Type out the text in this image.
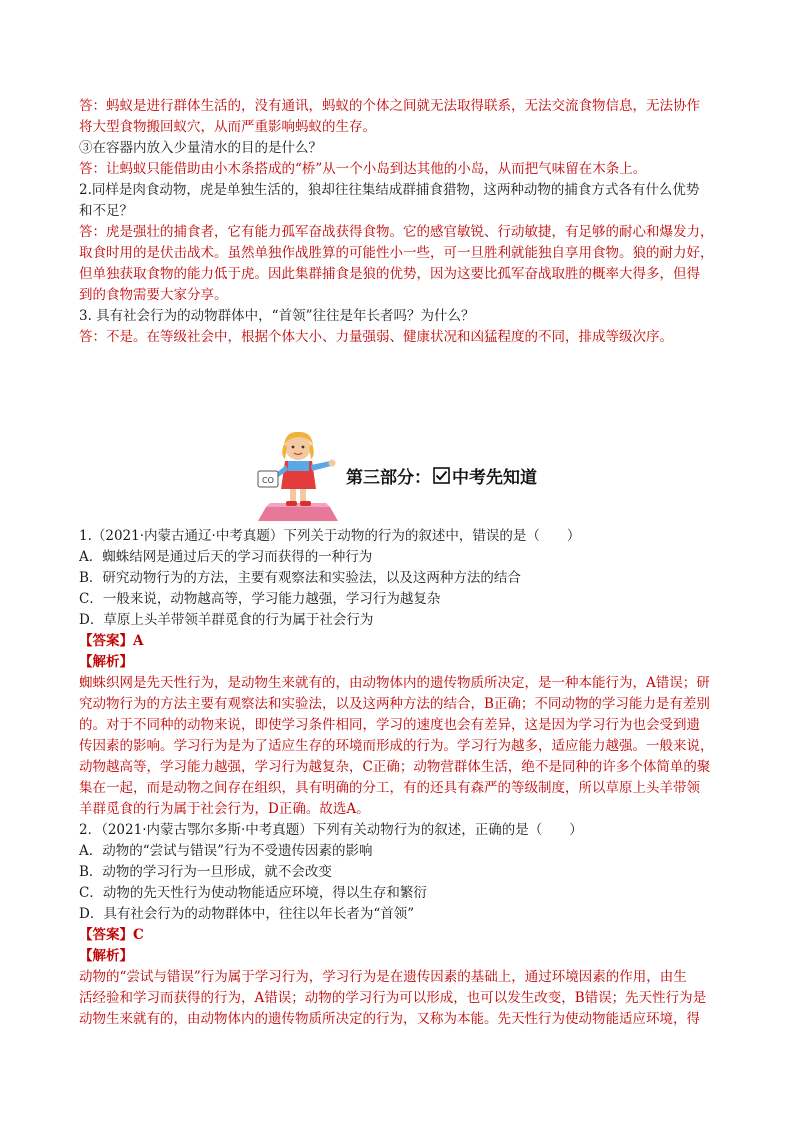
答：蚂蚁是进行群体生活的，没有通讯，蚂蚁的个体之间就无法取得联系，无法交流食物信息，无法协作
将大型食物搬回蚁穴，从而严重影响蚂蚁的生存。
③在容器内放入少量清水的目的是什么？
答：让蚂蚁只能借助由小木条搭成的“桥”从一个小岛到达其他的小岛，从而把气味留在木条上。
2.同样是肉食动物，虎是单独生活的，狼却往往集结成群捕食猎物，这两种动物的捕食方式各有什么优势
和不足？
答：虎是强壮的捕食者，它有能力孤军奋战获得食物。它的感官敏锐、行动敏捷，有足够的耐心和爆发力，
取食时用的是伏击战术。虽然单独作战胜算的可能性小一些，可一旦胜利就能独自享用食物。狼的耐力好，
但单独获取食物的能力低于虎。因此集群捕食是狼的优势，因为这要比孤军奋战取胜的概率大得多，但得
到的食物需要大家分享。
3. 具有社会行为的动物群体中，“首领”往往是年长者吗？为什么？
答：不是。在等级社会中，根据个体大小、力量强弱、健康状况和凶猛程度的不同，排成等级次序。
CO	第三部分： 中考先知道
1.（2021·内蒙古通辽·中考真题）下列关于动物的行为的叙述中，错误的是（　　）
A．蜘蛛结网是通过后天的学习而获得的一种行为
B．研究动物行为的方法，主要有观察法和实验法，以及这两种方法的结合
C．一般来说，动物越高等，学习能力越强，学习行为越复杂
D．草原上头羊带领羊群觅食的行为属于社会行为
【答案】A
【解析】
蜘蛛织网是先天性行为，是动物生来就有的，由动物体内的遗传物质所决定，是一种本能行为，A错误；研
究动物行为的方法主要有观察法和实验法，以及这两种方法的结合，B正确；不同动物的学习能力是有差别
的。对于不同种的动物来说，即使学习条件相同，学习的速度也会有差异，这是因为学习行为也会受到遗
传因素的影响。学习行为是为了适应生存的环境而形成的行为。学习行为越多，适应能力越强。一般来说，
动物越高等，学习能力越强，学习行为越复杂，C正确；动物营群体生活，绝不是同种的许多个体简单的聚
集在一起，而是动物之间存在组织，具有明确的分工，有的还具有森严的等级制度，所以草原上头羊带领
羊群觅食的行为属于社会行为，D正确。故选A。
2．（2021·内蒙古鄂尔多斯·中考真题）下列有关动物行为的叙述，正确的是（　　）
A．动物的“尝试与错误”行为不受遗传因素的影响
B．动物的学习行为一旦形成，就不会改变
C．动物的先天性行为使动物能适应环境，得以生存和繁衍
D．具有社会行为的动物群体中，往往以年长者为“首领”
【答案】C
【解析】
动物的“尝试与错误”行为属于学习行为，学习行为是在遗传因素的基础上，通过环境因素的作用，由生
活经验和学习而获得的行为，A错误；动物的学习行为可以形成，也可以发生改变，B错误；先天性行为是
动物生来就有的，由动物体内的遗传物质所决定的行为，又称为本能。先天性行为使动物能适应环境，得
